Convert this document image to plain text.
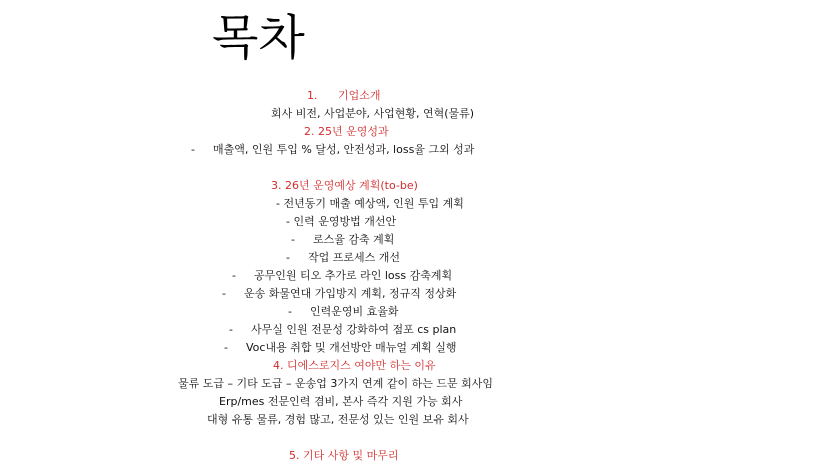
목차
1. 기업소개
회사 비전, 사업분야, 사업현황, 연혁(물류)
2. 25년 운영성과
- 매출액, 인원 투입 % 달성, 안전성과, loss율 그외 성과
3. 26년 운영예상 계획(to-be)
- 전년동기 매출 예상액, 인원 투입 계획
- 인력 운영방법 개선안
- 로스율 감축 계획
- 작업 프로세스 개선
- 공무인원 티오 추가로 라인 loss 감축계획
- 운송 화물연대 가입방지 계획, 정규직 정상화
- 인력운영비 효율화
- 사무실 인원 전문성 강화하여 점포 cs plan
- Voc내용 취합 및 개선방안 매뉴얼 계획 실행
4. 디에스로지스 여야만 하는 이유
물류 도급 – 기타 도급 – 운송업 3가지 연계 같이 하는 드문 회사임
Erp/mes 전문인력 겸비, 본사 즉각 지원 가능 회사
대형 유통 물류, 경험 많고, 전문성 있는 인원 보유 회사
5. 기타 사항 및 마무리
